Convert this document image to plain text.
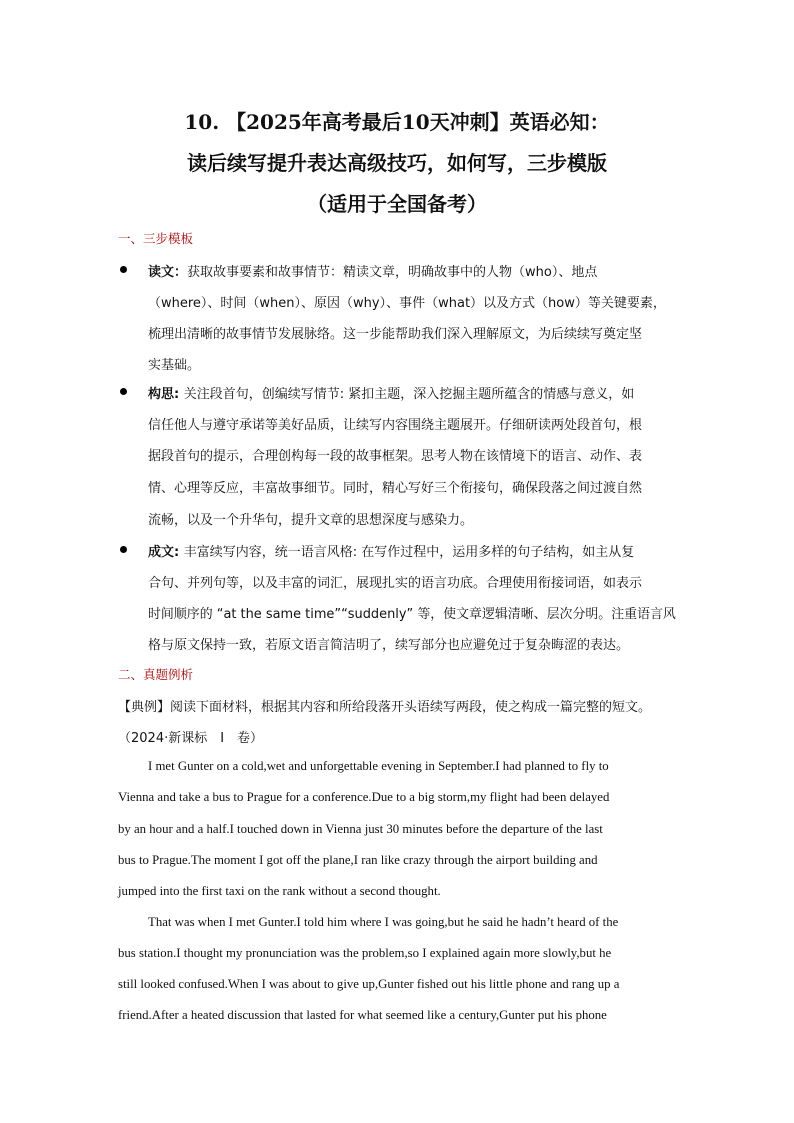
10. 【2025年高考最后10天冲刺】英语必知：
读后续写提升表达高级技巧，如何写，三步模版
（适用于全国备考）
一、三步模板
读文：获取故事要素和故事情节：精读文章，明确故事中的人物（who）、地点
（where）、时间（when）、原因（why）、事件（what）以及方式（how）等关键要素，
梳理出清晰的故事情节发展脉络。这一步能帮助我们深入理解原文，为后续续写奠定坚
实基础。
构思: 关注段首句，创编续写情节: 紧扣主题，深入挖掘主题所蕴含的情感与意义，如
信任他人与遵守承诺等美好品质，让续写内容围绕主题展开。仔细研读两处段首句，根
据段首句的提示，合理创构每一段的故事框架。思考人物在该情境下的语言、动作、表
情、心理等反应，丰富故事细节。同时，精心写好三个衔接句，确保段落之间过渡自然
流畅，以及一个升华句，提升文章的思想深度与感染力。
成文: 丰富续写内容，统一语言风格: 在写作过程中，运用多样的句子结构，如主从复
合句、并列句等，以及丰富的词汇，展现扎实的语言功底。合理使用衔接词语，如表示
时间顺序的 “at the same time”“suddenly” 等，使文章逻辑清晰、层次分明。注重语言风
格与原文保持一致，若原文语言简洁明了，续写部分也应避免过于复杂晦涩的表达。
二、真题例析
【典例】阅读下面材料，根据其内容和所给段落开头语续写两段，使之构成一篇完整的短文。
（2024·新课标　I　卷）
I met Gunter on a cold,wet and unforgettable evening in September.I had planned to fly to
Vienna and take a bus to Prague for a conference.Due to a big storm,my flight had been delayed
by an hour and a half.I touched down in Vienna just 30 minutes before the departure of the last
bus to Prague.The moment I got off the plane,I ran like crazy through the airport building and
jumped into the first taxi on the rank without a second thought.
That was when I met Gunter.I told him where I was going,but he said he hadn’t heard of the
bus station.I thought my pronunciation was the problem,so I explained again more slowly,but he
still looked confused.When I was about to give up,Gunter fished out his little phone and rang up a
friend.After a heated discussion that lasted for what seemed like a century,Gunter put his phone
